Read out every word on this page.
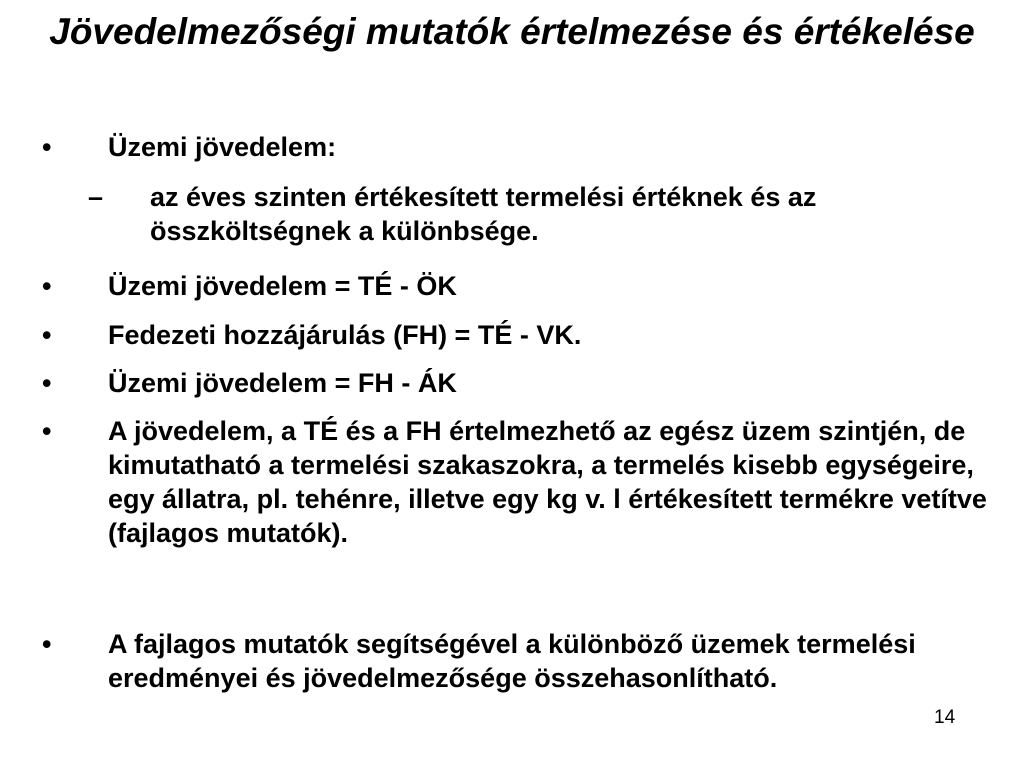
Jövedelmezőségi mutatók értelmezése és értékelése
•	Üzemi jövedelem:
–	az éves szinten értékesített termelési értéknek és az összköltségnek a különbsége.
•	Üzemi jövedelem = TÉ - ÖK
•	Fedezeti hozzájárulás (FH) = TÉ - VK.
•	Üzemi jövedelem = FH - ÁK
•	A jövedelem, a TÉ és a FH értelmezhető az egész üzem szintjén, de kimutatható a termelési szakaszokra, a termelés kisebb egységeire, egy állatra, pl. tehénre, illetve egy kg v. l értékesített termékre vetítve (fajlagos mutatók).
•	A fajlagos mutatók segítségével a különböző üzemek termelési eredményei és jövedelmezősége összehasonlítható.
14
